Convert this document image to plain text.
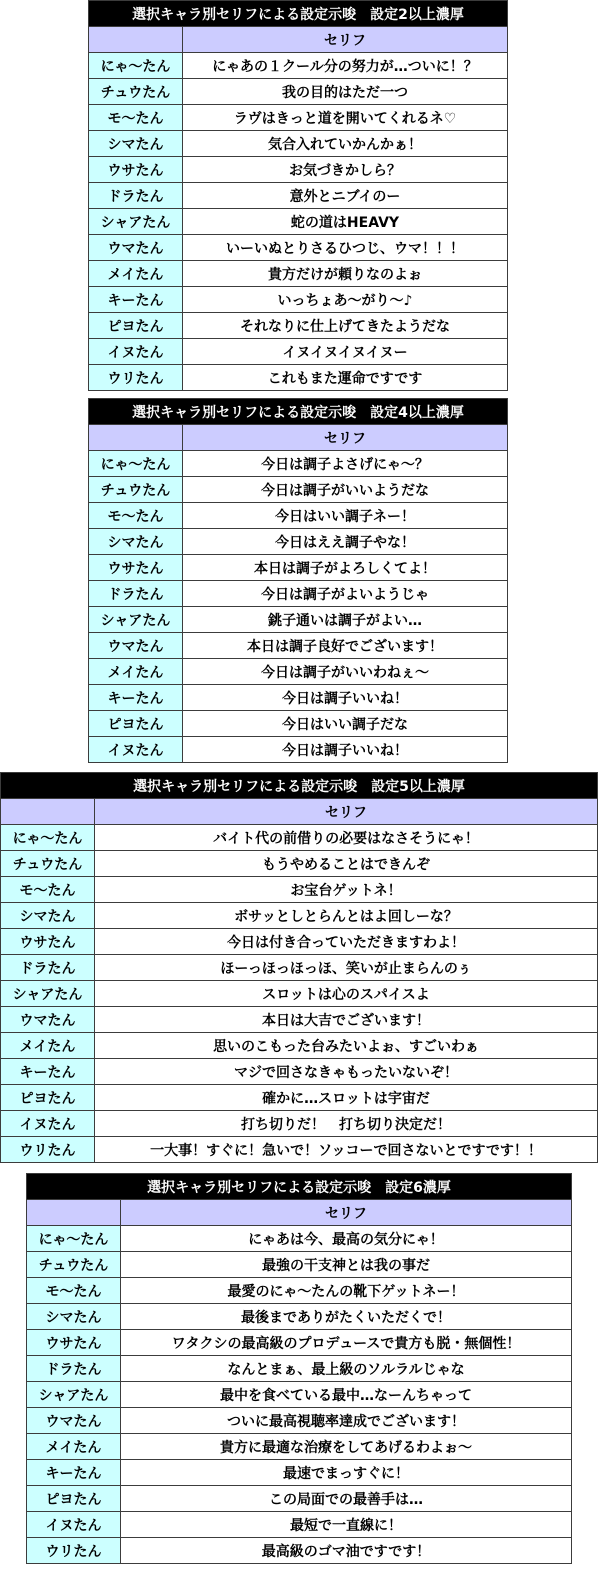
選択キャラ別セリフによる設定示唆　設定2以上濃厚	
	セリフ
にゃ～たん	にゃあの１クール分の努力が…ついに！？
チュウたん	我の目的はただ一つ
モ～たん	ラヴはきっと道を開いてくれるネ♡
シマたん	気合入れていかんかぁ！
ウサたん	お気づきかしら？
ドラたん	意外とニブイのー
シャアたん	蛇の道はHEAVY
ウマたん	いーいぬとりさるひつじ、ウマ！！！
メイたん	貴方だけが頼りなのよぉ
キーたん	いっちょあ～がり～♪
ピヨたん	それなりに仕上げてきたようだな
イヌたん	イヌイヌイヌイヌー
ウリたん	これもまた運命ですです
選択キャラ別セリフによる設定示唆　設定4以上濃厚	
	セリフ
にゃ～たん	今日は調子よさげにゃ～？
チュウたん	今日は調子がいいようだな
モ～たん	今日はいい調子ネー！
シマたん	今日はええ調子やな！
ウサたん	本日は調子がよろしくてよ！
ドラたん	今日は調子がよいようじゃ
シャアたん	銚子通いは調子がよい…
ウマたん	本日は調子良好でございます！
メイたん	今日は調子がいいわねぇ～
キーたん	今日は調子いいね！
ピヨたん	今日はいい調子だな
イヌたん	今日は調子いいね！
選択キャラ別セリフによる設定示唆　設定5以上濃厚	
	セリフ
にゃ～たん	バイト代の前借りの必要はなさそうにゃ！
チュウたん	もうやめることはできんぞ
モ～たん	お宝台ゲットネ！
シマたん	ボサッとしとらんとはよ回しーな？
ウサたん	今日は付き合っていただきますわよ！
ドラたん	ほーっほっほっほ、笑いが止まらんのぅ
シャアたん	スロットは心のスパイスよ
ウマたん	本日は大吉でございます！
メイたん	思いのこもった台みたいよぉ、すごいわぁ
キーたん	マジで回さなきゃもったいないぞ！
ピヨたん	確かに…スロットは宇宙だ
イヌたん	打ち切りだ！　打ち切り決定だ！
ウリたん	一大事！すぐに！急いで！ソッコーで回さないとですです！！
選択キャラ別セリフによる設定示唆　設定6濃厚	
	セリフ
にゃ～たん	にゃあは今、最高の気分にゃ！
チュウたん	最強の干支神とは我の事だ
モ～たん	最愛のにゃ～たんの靴下ゲットネー！
シマたん	最後までありがたくいただくで！
ウサたん	ワタクシの最高級のプロデュースで貴方も脱・無個性！
ドラたん	なんとまぁ、最上級のソルラルじゃな
シャアたん	最中を食べている最中…なーんちゃって
ウマたん	ついに最高視聴率達成でございます！
メイたん	貴方に最適な治療をしてあげるわよぉ～
キーたん	最速でまっすぐに！
ピヨたん	この局面での最善手は…
イヌたん	最短で一直線に！
ウリたん	最高級のゴマ油ですです！
